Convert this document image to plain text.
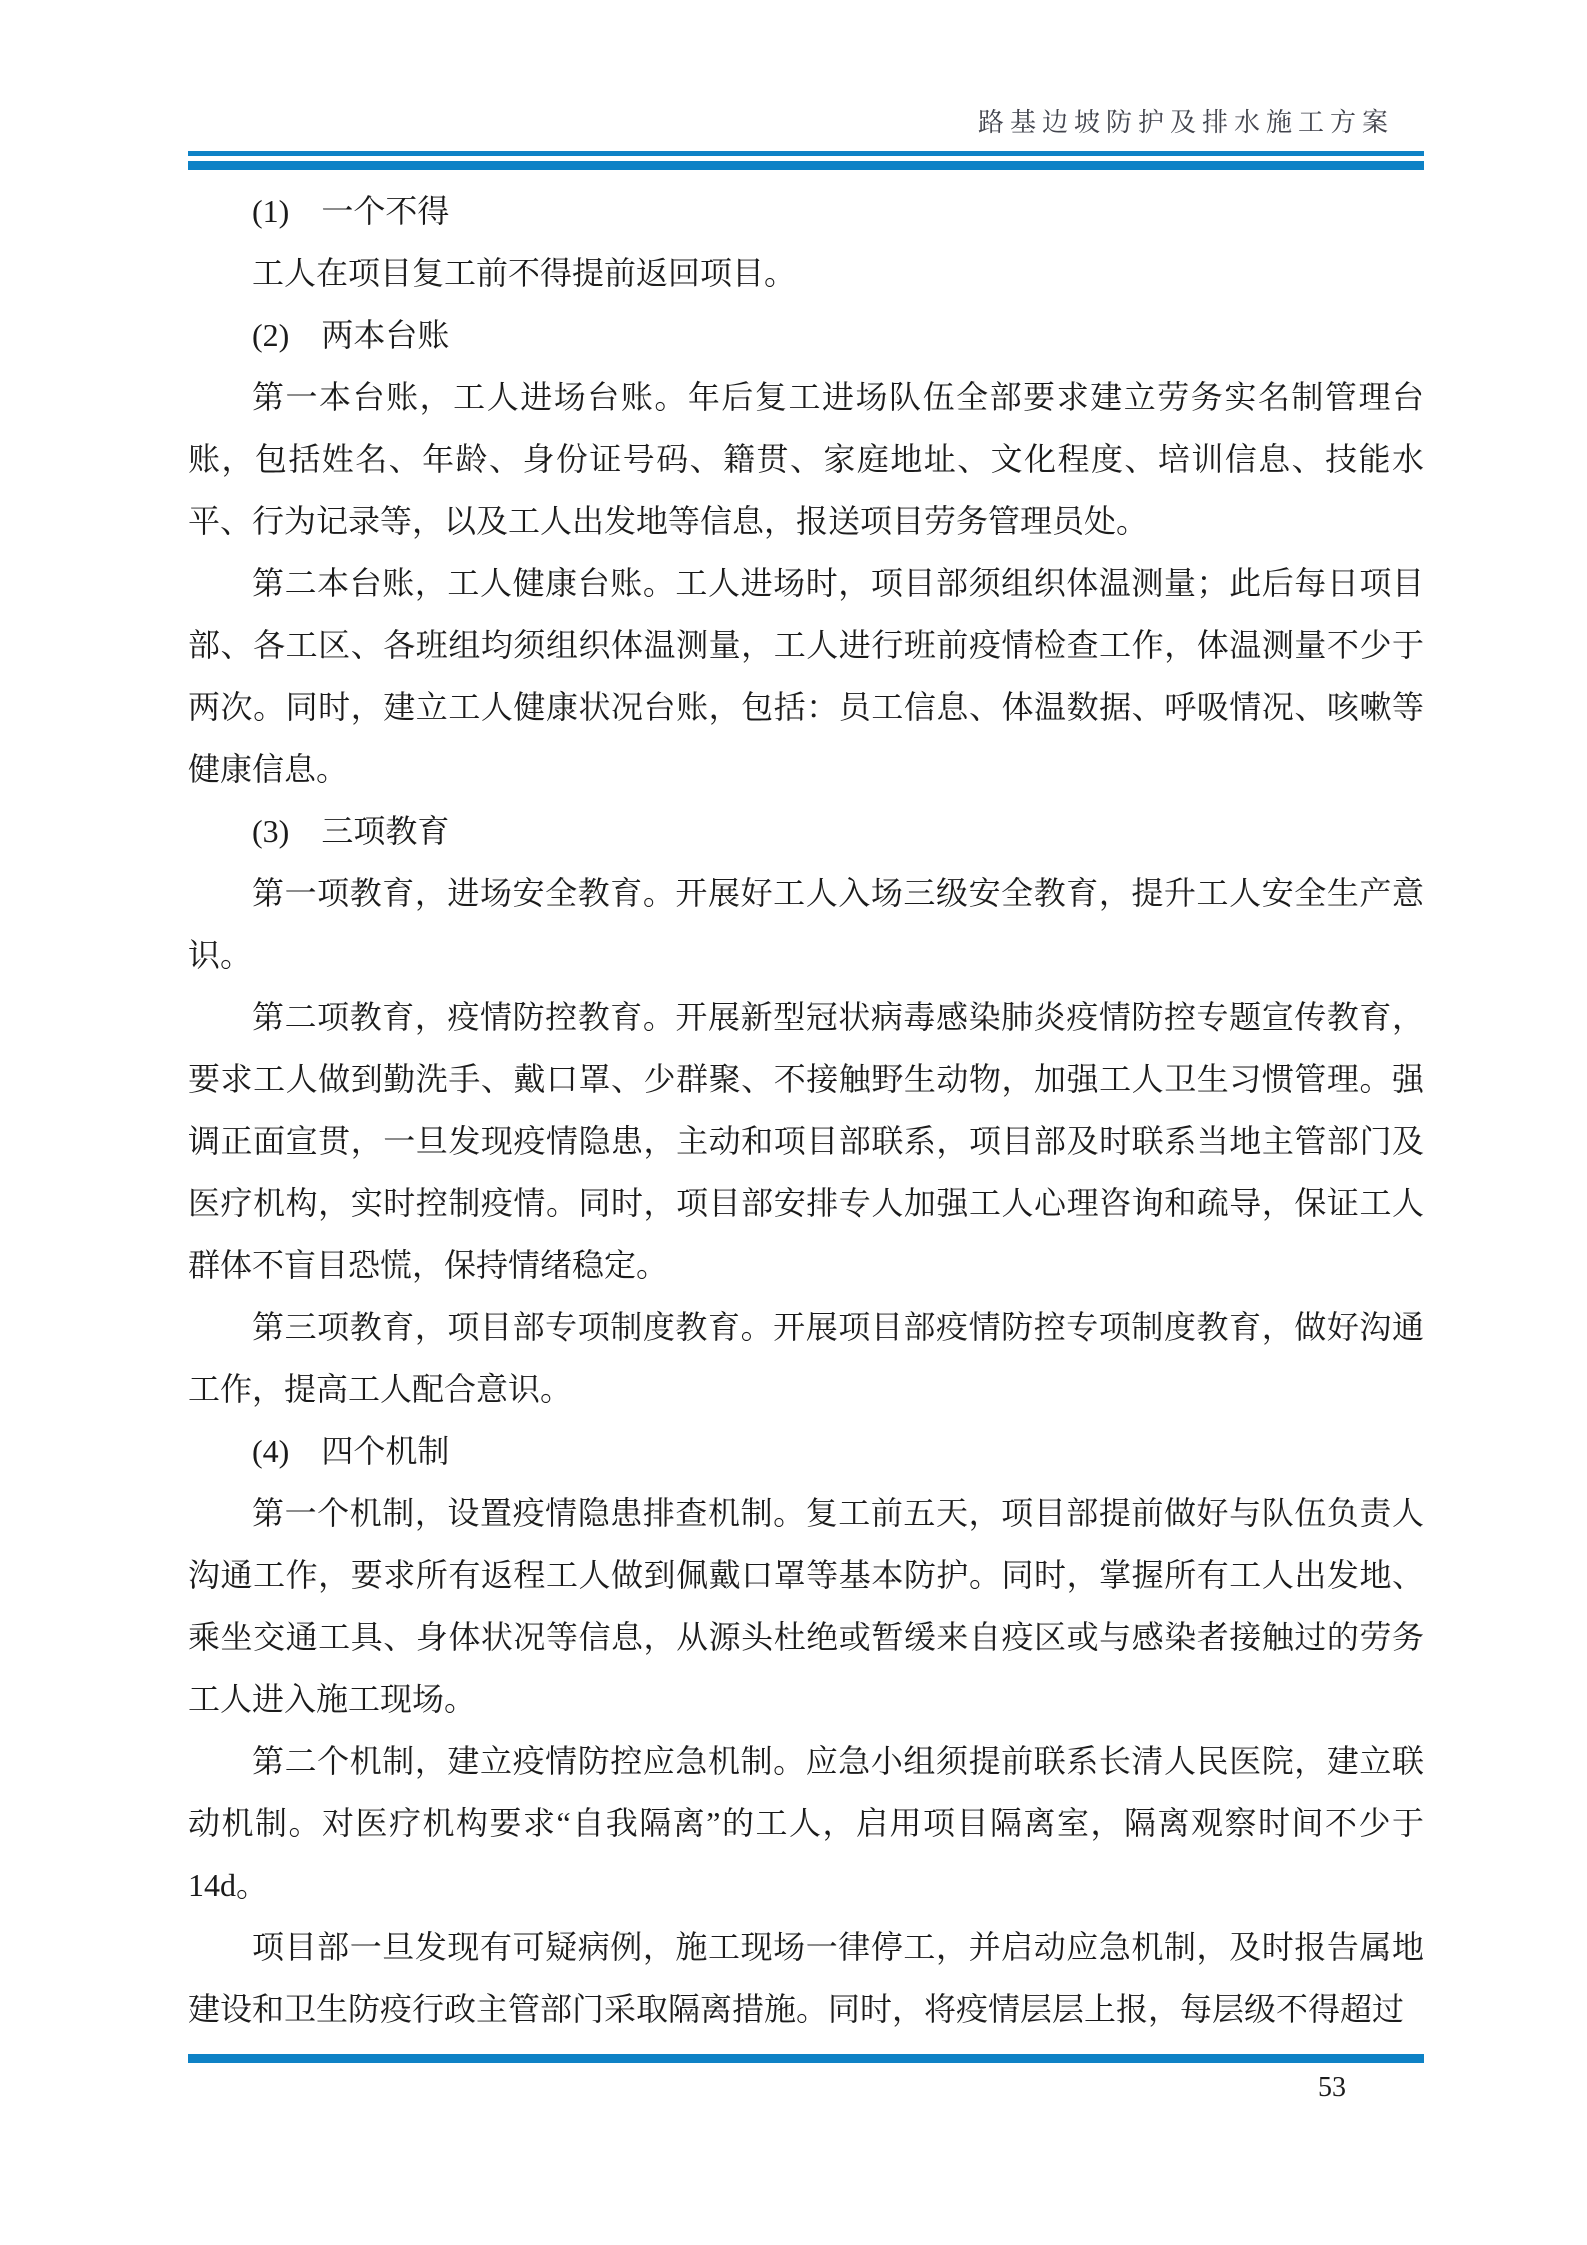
路基边坡防护及排水施工方案

(1)　一个不得

工人在项目复工前不得提前返回项目。

(2)　两本台账

第一本台账，工人进场台账。年后复工进场队伍全部要求建立劳务实名制管理台账，包括姓名、年龄、身份证号码、籍贯、家庭地址、文化程度、培训信息、技能水平、行为记录等，以及工人出发地等信息，报送项目劳务管理员处。

第二本台账，工人健康台账。工人进场时，项目部须组织体温测量；此后每日项目部、各工区、各班组均须组织体温测量，工人进行班前疫情检查工作，体温测量不少于两次。同时，建立工人健康状况台账，包括：员工信息、体温数据、呼吸情况、咳嗽等健康信息。

(3)　三项教育

第一项教育，进场安全教育。开展好工人入场三级安全教育，提升工人安全生产意识。

第二项教育，疫情防控教育。开展新型冠状病毒感染肺炎疫情防控专题宣传教育，要求工人做到勤洗手、戴口罩、少群聚、不接触野生动物，加强工人卫生习惯管理。强调正面宣贯，一旦发现疫情隐患，主动和项目部联系，项目部及时联系当地主管部门及医疗机构，实时控制疫情。同时，项目部安排专人加强工人心理咨询和疏导，保证工人群体不盲目恐慌，保持情绪稳定。

第三项教育，项目部专项制度教育。开展项目部疫情防控专项制度教育，做好沟通工作，提高工人配合意识。

(4)　四个机制

第一个机制，设置疫情隐患排查机制。复工前五天，项目部提前做好与队伍负责人沟通工作，要求所有返程工人做到佩戴口罩等基本防护。同时，掌握所有工人出发地、乘坐交通工具、身体状况等信息，从源头杜绝或暂缓来自疫区或与感染者接触过的劳务工人进入施工现场。

第二个机制，建立疫情防控应急机制。应急小组须提前联系长清人民医院，建立联动机制。对医疗机构要求“自我隔离”的工人，启用项目隔离室，隔离观察时间不少于14d。

项目部一旦发现有可疑病例，施工现场一律停工，并启动应急机制，及时报告属地建设和卫生防疫行政主管部门采取隔离措施。同时，将疫情层层上报，每层级不得超过

53
